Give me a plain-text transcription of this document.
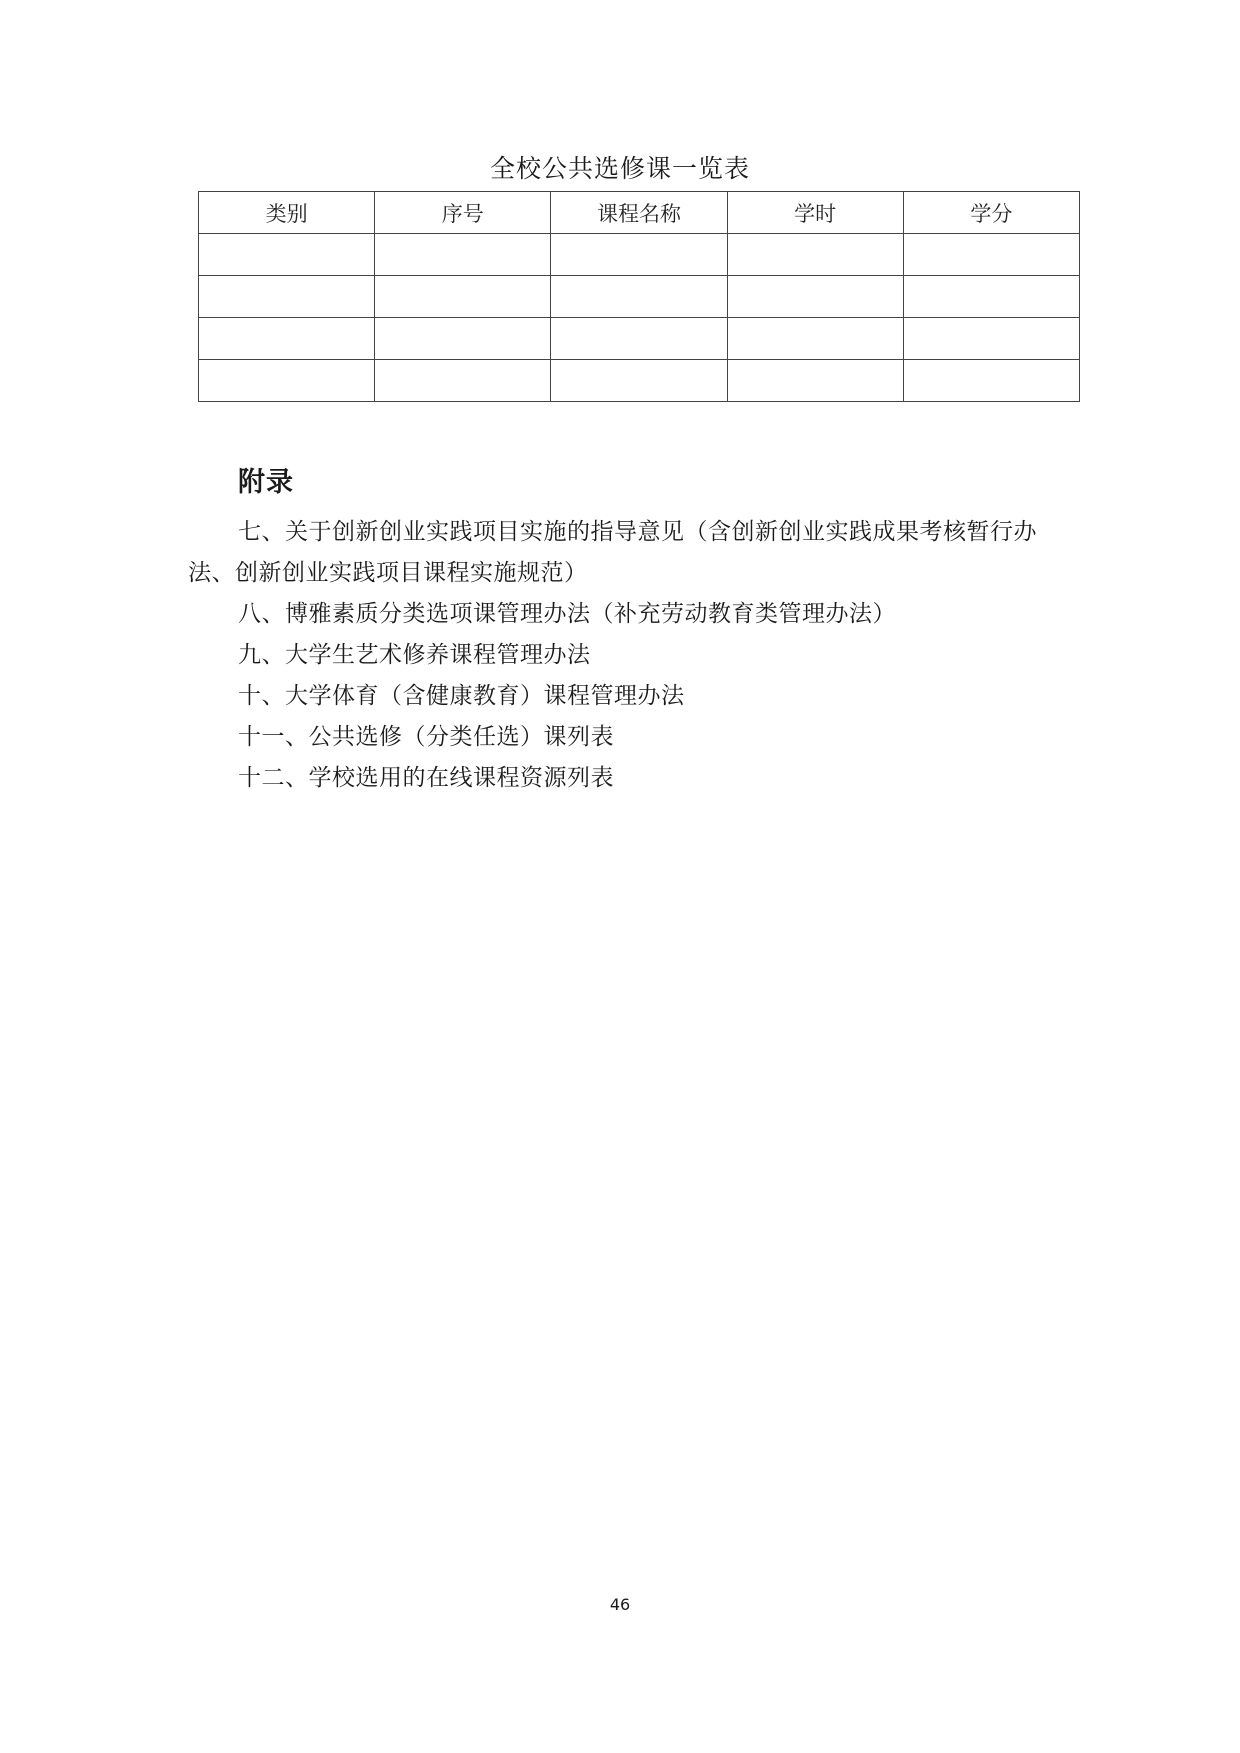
全校公共选修课一览表
类别	序号	课程名称	学时	学分

附录
七、关于创新创业实践项目实施的指导意见（含创新创业实践成果考核暂行办法、创新创业实践项目课程实施规范）
八、博雅素质分类选项课管理办法（补充劳动教育类管理办法）
九、大学生艺术修养课程管理办法
十、大学体育（含健康教育）课程管理办法
十一、公共选修（分类任选）课列表
十二、学校选用的在线课程资源列表
46
